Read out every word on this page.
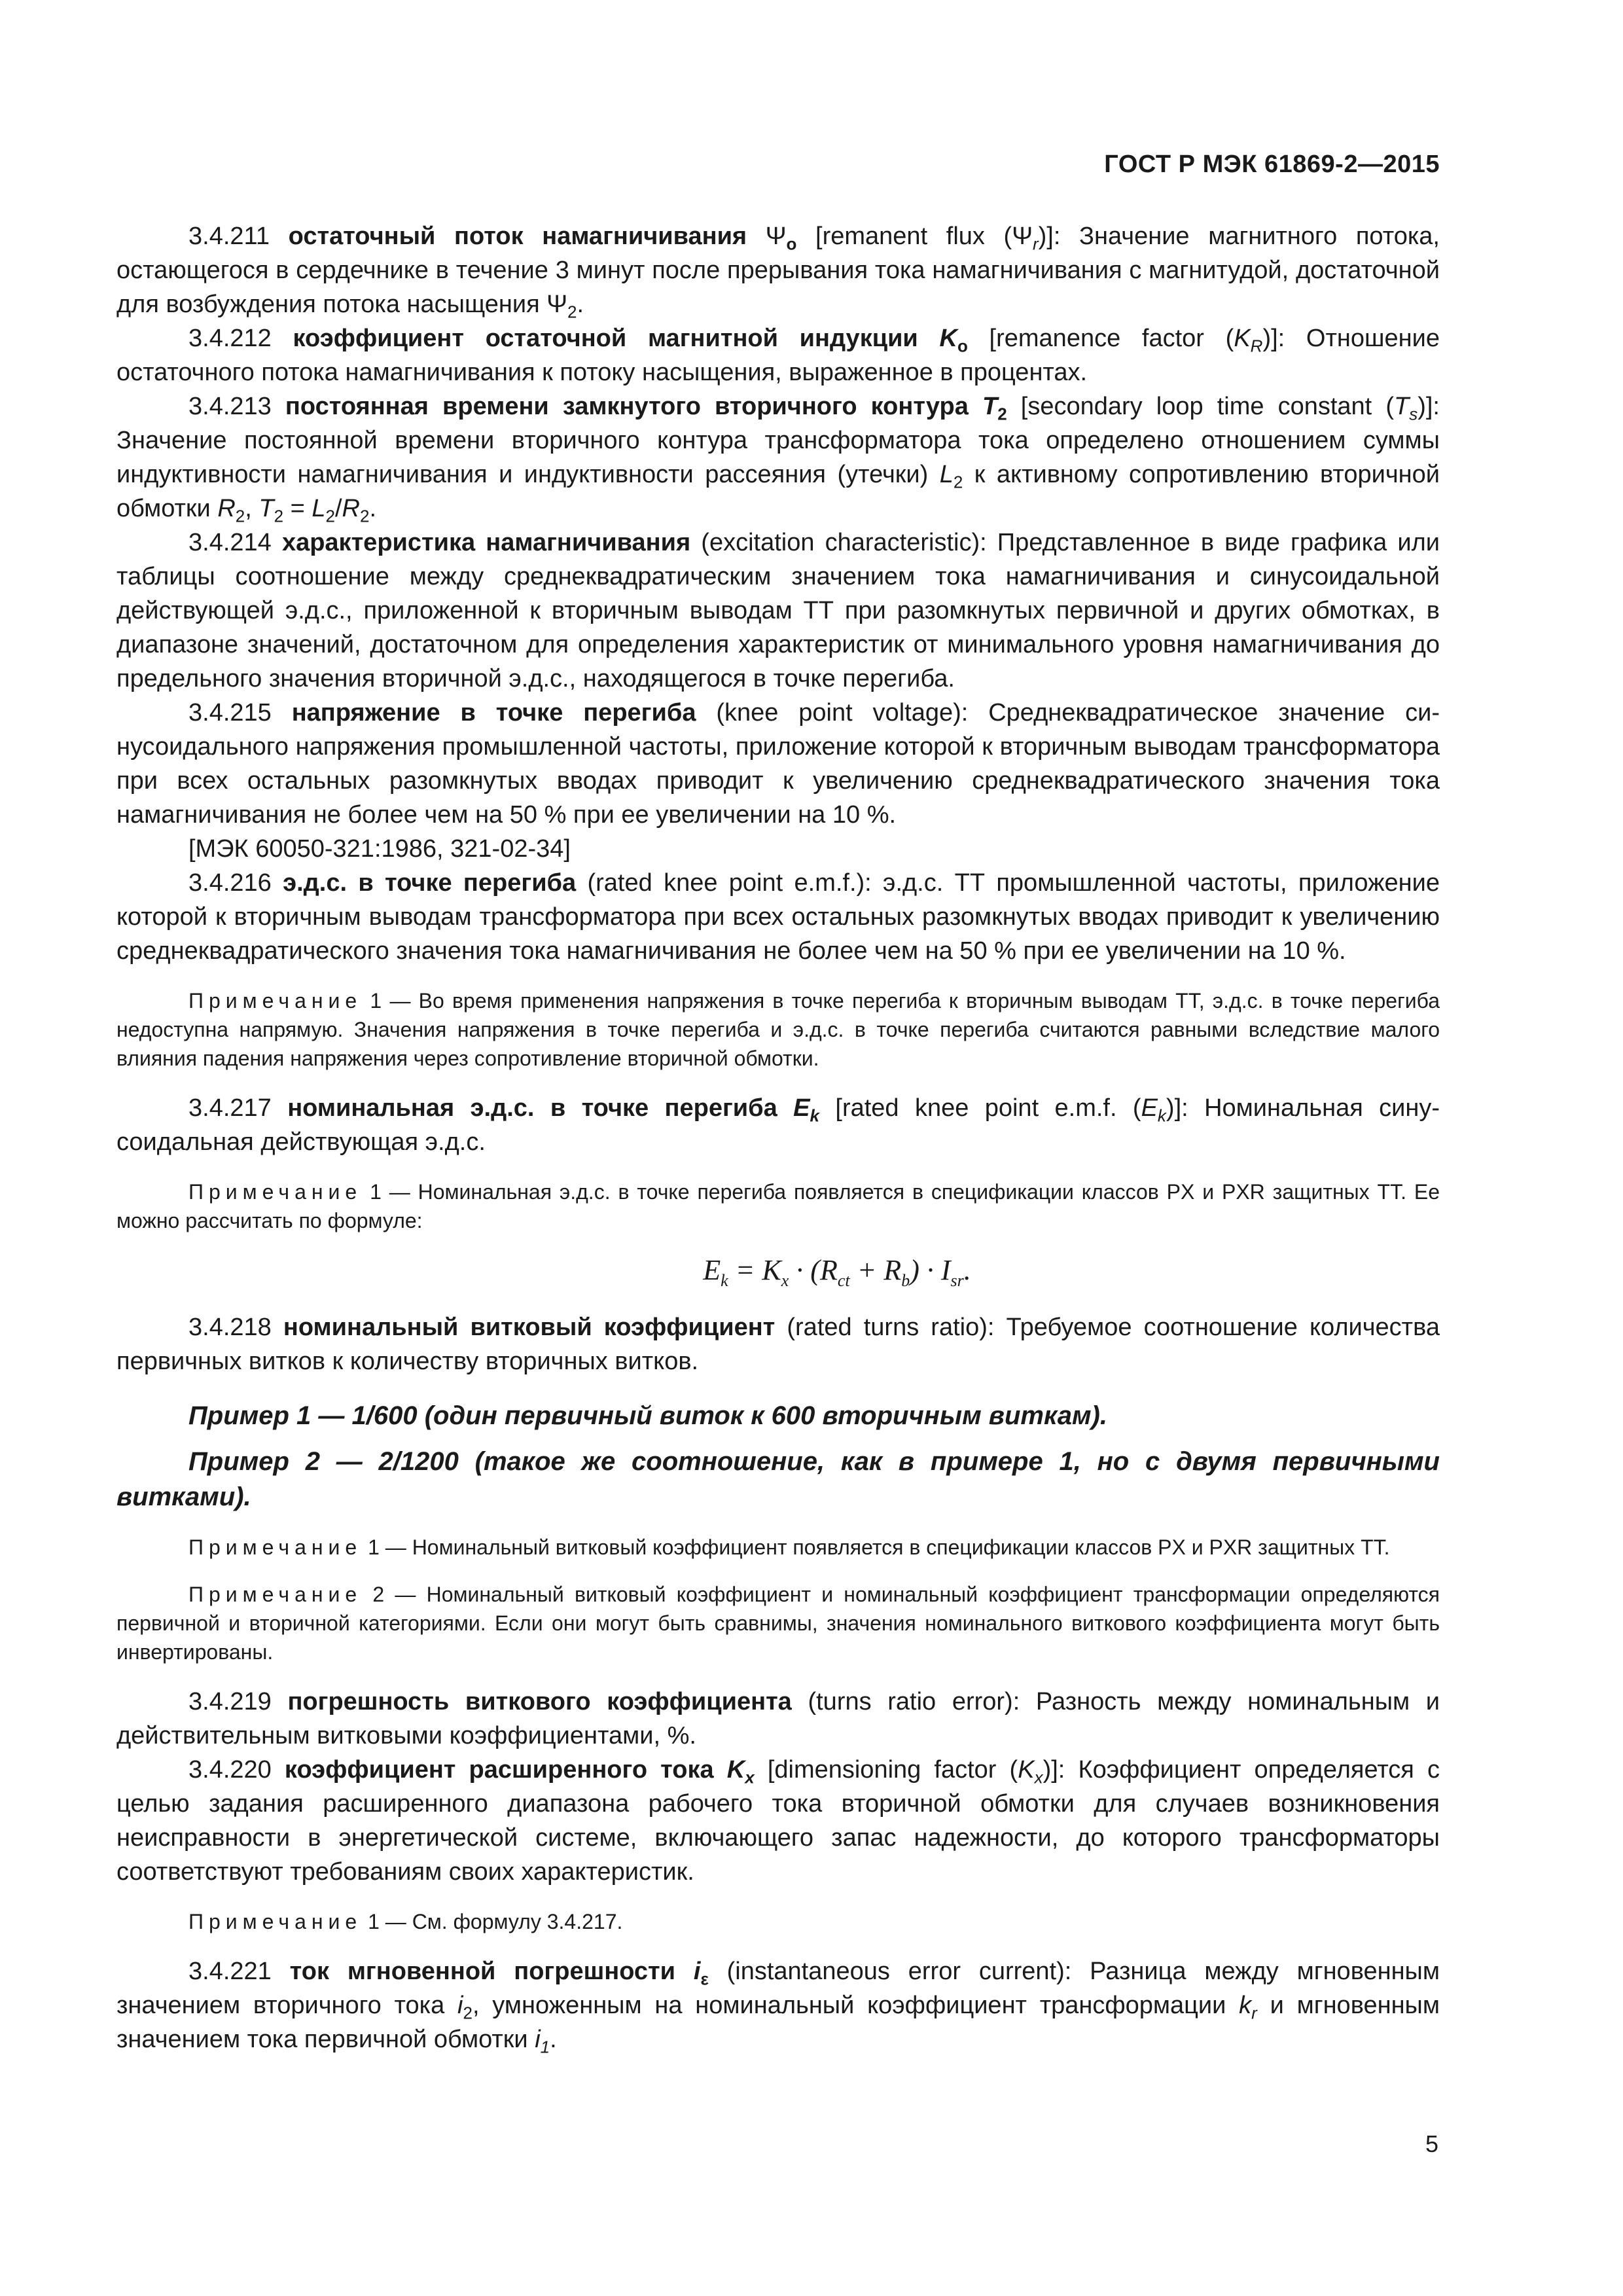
ГОСТ Р МЭК 61869-2—2015

3.4.211 остаточный поток намагничивания $\Psi_о$ [remanent flux $(\Psi_r)$]: Значение магнитного потока, остающегося в сердечнике в течение 3 минут после прерывания тока намагничивания с магнитудой, достаточной для возбуждения потока насыщения $\Psi_2$.

3.4.212 коэффициент остаточной магнитной индукции $K_о$ [remanence factor $(K_R)$]: Отношение остаточного потока намагничивания к потоку насыщения, выраженное в процентах.

3.4.213 постоянная времени замкнутого вторичного контура $T_2$ [secondary loop time constant $(T_s)$]: Значение постоянной времени вторичного контура трансформатора тока определено отношением суммы индуктивности намагничивания и индуктивности рассеяния (утечки) $L_2$ к активному сопротивлению вторичной обмотки $R_2$, $T_2 = L_2/R_2$.

3.4.214 характеристика намагничивания (excitation characteristic): Представленное в виде графика или таблицы соотношение между среднеквадратическим значением тока намагничивания и синусоидальной действующей э.д.с., приложенной к вторичным выводам ТТ при разомкнутых первичной и других обмотках, в диапазоне значений, достаточном для определения характеристик от минимального уровня намагничивания до предельного значения вторичной э.д.с., находящегося в точке перегиба.

3.4.215 напряжение в точке перегиба (knee point voltage): Среднеквадратическое значение синусоидального напряжения промышленной частоты, приложение которой к вторичным выводам трансформатора при всех остальных разомкнутых вводах приводит к увеличению среднеквадратического значения тока намагничивания не более чем на 50 % при ее увеличении на 10 %.

[МЭК 60050-321:1986, 321-02-34]

3.4.216 э.д.с. в точке перегиба (rated knee point e.m.f.): э.д.с. ТТ промышленной частоты, приложение которой к вторичным выводам трансформатора при всех остальных разомкнутых вводах приводит к увеличению среднеквадратического значения тока намагничивания не более чем на 50 % при ее увеличении на 10 %.

Примечание 1 — Во время применения напряжения в точке перегиба к вторичным выводам ТТ, э.д.с. в точке перегиба недоступна напрямую. Значения напряжения в точке перегиба и э.д.с. в точке перегиба считаются равными вследствие малого влияния падения напряжения через сопротивление вторичной обмотки.

3.4.217 номинальная э.д.с. в точке перегиба $E_k$ [rated knee point e.m.f. $(E_k)$]: Номинальная синусоидальная действующая э.д.с.

Примечание 1 — Номинальная э.д.с. в точке перегиба появляется в спецификации классов PX и PXR защитных ТТ. Ее можно рассчитать по формуле:

$E_k = K_x \cdot (R_{ct} + R_b) \cdot I_{sr}$.

3.4.218 номинальный витковый коэффициент (rated turns ratio): Требуемое соотношение количества первичных витков к количеству вторичных витков.

Пример 1 — 1/600 (один первичный виток к 600 вторичным виткам).

Пример 2 — 2/1200 (такое же соотношение, как в примере 1, но с двумя первичными витками).

Примечание 1 — Номинальный витковый коэффициент появляется в спецификации классов PX и PXR защитных ТТ.

Примечание 2 — Номинальный витковый коэффициент и номинальный коэффициент трансформации определяются первичной и вторичной категориями. Если они могут быть сравнимы, значения номинального виткового коэффициента могут быть инвертированы.

3.4.219 погрешность виткового коэффициента (turns ratio error): Разность между номинальным и действительным витковыми коэффициентами, %.

3.4.220 коэффициент расширенного тока $K_x$ [dimensioning factor $(K_x)$]: Коэффициент определяется с целью задания расширенного диапазона рабочего тока вторичной обмотки для случаев возникновения неисправности в энергетической системе, включающего запас надежности, до которого трансформаторы соответствуют требованиям своих характеристик.

Примечание 1 — См. формулу 3.4.217.

3.4.221 ток мгновенной погрешности $i_\varepsilon$ (instantaneous error current): Разница между мгновенным значением вторичного тока $i_2$, умноженным на номинальный коэффициент трансформации $k_r$ и мгновенным значением тока первичной обмотки $i_1$.

5
